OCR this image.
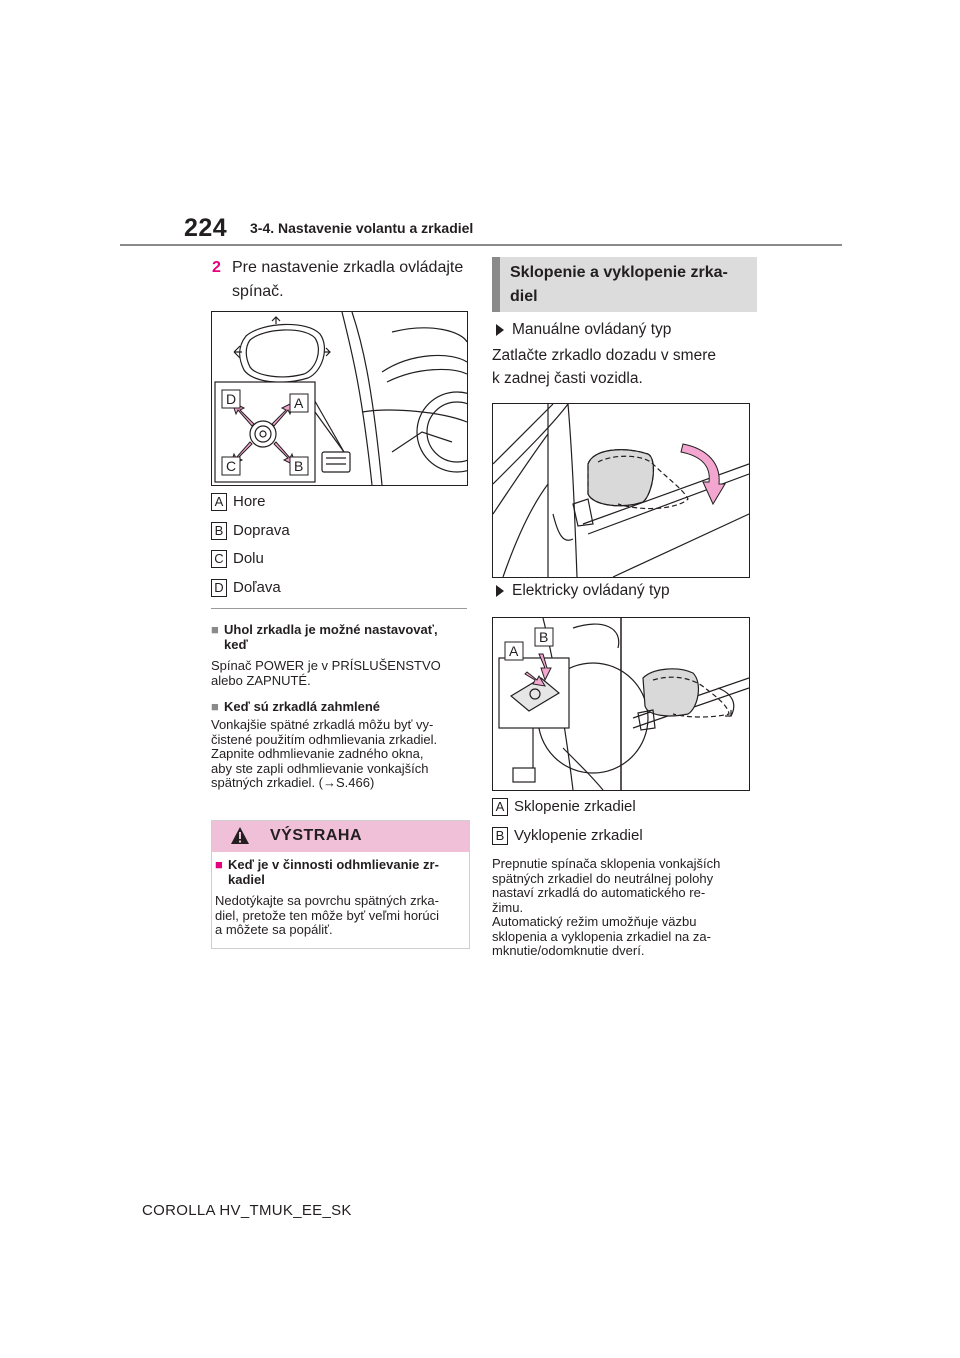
224 3-4. Nastavenie volantu a zrkadiel
2 Pre nastavenie zrkadla ovládajte spínač.
D	A
C	B
A Hore
B Doprava
C Dolu
D Doľava
■ Uhol zrkadla je možné nastavovať,
keď
Spínač POWER je v PRÍSLUŠENSTVO
alebo ZAPNUTÉ.
■ Keď sú zrkadlá zahmlené
Vonkajšie spätné zrkadlá môžu byť vy-
čistené použitím odhmlievania zrkadiel.
Zapnite odhmlievanie zadného okna,
aby ste zapli odhmlievanie vonkajších
spätných zrkadiel. (→S.466)
VÝSTRAHA
■ Keď je v činnosti odhmlievanie zr-
kadiel
Nedotýkajte sa povrchu spätných zrka-
diel, pretože ten môže byť veľmi horúci
a môžete sa popáliť.
Sklopenie a vyklopenie zrka-
diel
Manuálne ovládaný typ
Zatlačte zrkadlo dozadu v smere
k zadnej časti vozidla.
Elektricky ovládaný typ
A
B
A Sklopenie zrkadiel
B Vyklopenie zrkadiel
Prepnutie spínača sklopenia vonkajších
spätných zrkadiel do neutrálnej polohy
nastaví zrkadlá do automatického re-
žimu.
Automatický režim umožňuje väzbu
sklopenia a vyklopenia zrkadiel na za-
mknutie/odomknutie dverí.
COROLLA HV_TMUK_EE_SK
